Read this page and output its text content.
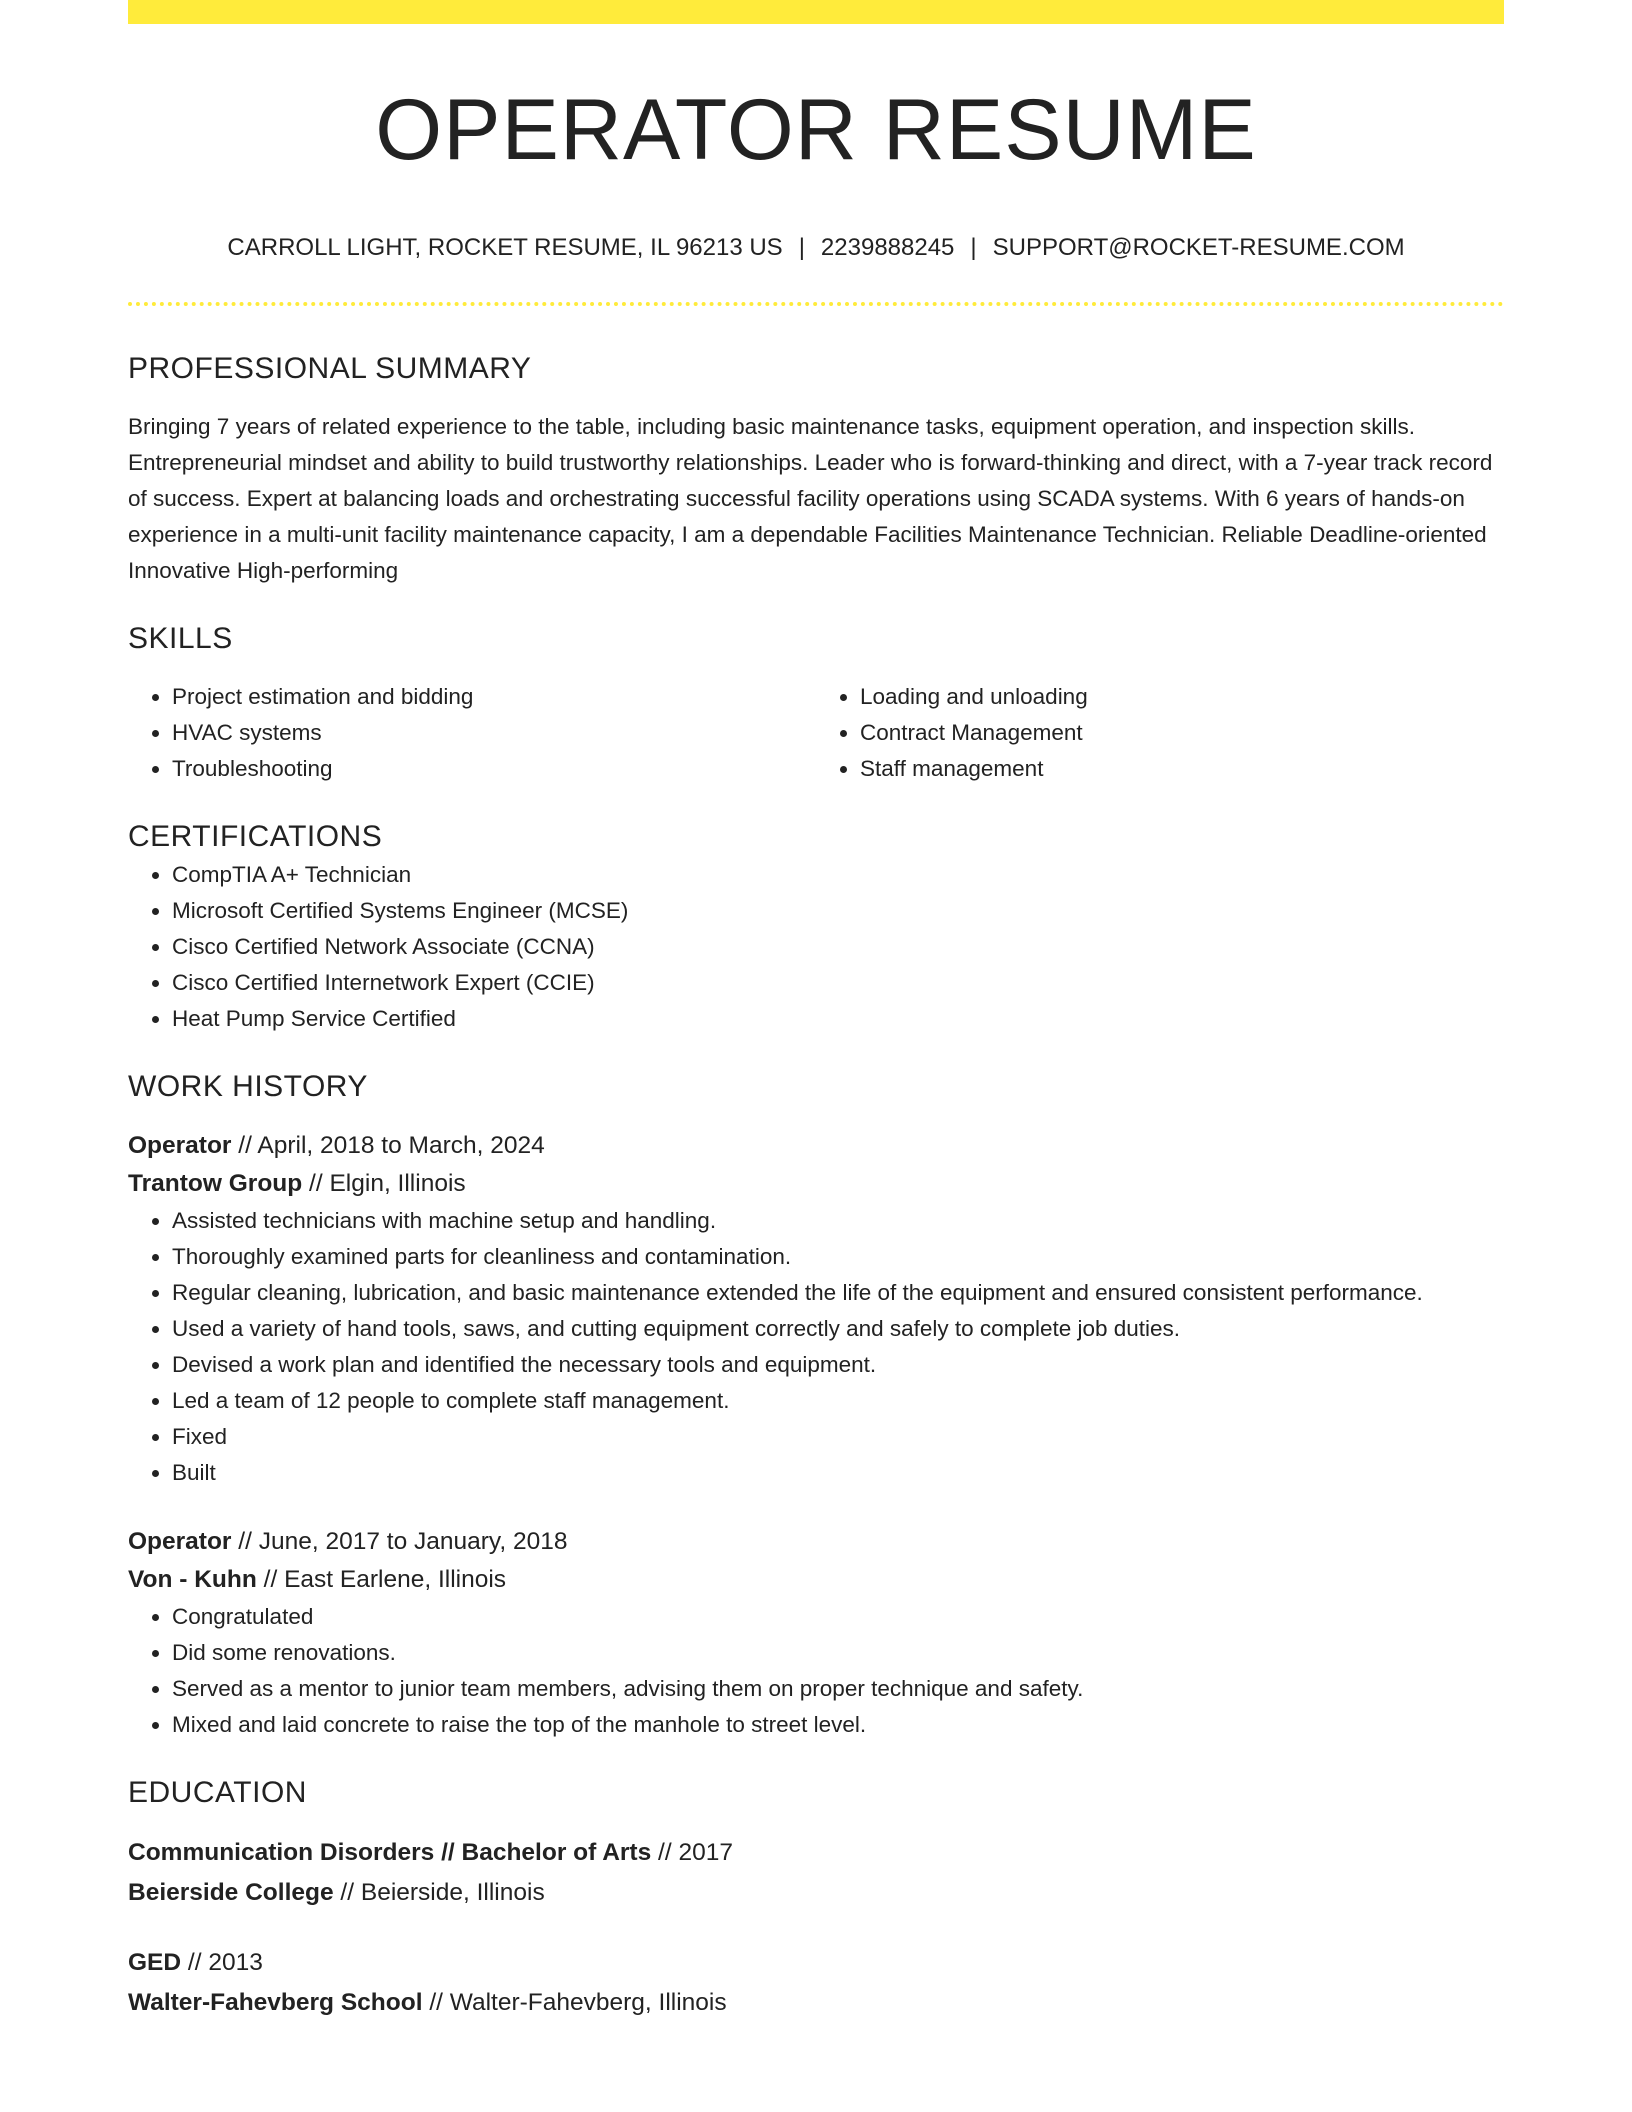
OPERATOR RESUME
CARROLL LIGHT, ROCKET RESUME, IL 96213 US | 2239888245 | SUPPORT@ROCKET-RESUME.COM
PROFESSIONAL SUMMARY

Bringing 7 years of related experience to the table, including basic maintenance tasks, equipment operation, and inspection skills. Entrepreneurial mindset and ability to build trustworthy relationships. Leader who is forward-thinking and direct, with a 7-year track record of success. Expert at balancing loads and orchestrating successful facility operations using SCADA systems. With 6 years of hands-on experience in a multi-unit facility maintenance capacity, I am a dependable Facilities Maintenance Technician. Reliable Deadline-oriented Innovative High-performing

SKILLS
• Project estimation and bidding
• HVAC systems
• Troubleshooting
• Loading and unloading
• Contract Management
• Staff management
CERTIFICATIONS
• CompTIA A+ Technician
• Microsoft Certified Systems Engineer (MCSE)
• Cisco Certified Network Associate (CCNA)
• Cisco Certified Internetwork Expert (CCIE)
• Heat Pump Service Certified
WORK HISTORY
Operator // April, 2018 to March, 2024
Trantow Group // Elgin, Illinois
• Assisted technicians with machine setup and handling.
• Thoroughly examined parts for cleanliness and contamination.
• Regular cleaning, lubrication, and basic maintenance extended the life of the equipment and ensured consistent performance.
• Used a variety of hand tools, saws, and cutting equipment correctly and safely to complete job duties.
• Devised a work plan and identified the necessary tools and equipment.
• Led a team of 12 people to complete staff management.
• Fixed
• Built
Operator // June, 2017 to January, 2018
Von - Kuhn // East Earlene, Illinois
• Congratulated
• Did some renovations.
• Served as a mentor to junior team members, advising them on proper technique and safety.
• Mixed and laid concrete to raise the top of the manhole to street level.
EDUCATION
Communication Disorders // Bachelor of Arts // 2017
Beierside College // Beierside, Illinois
GED // 2013
Walter-Fahevberg School // Walter-Fahevberg, Illinois
